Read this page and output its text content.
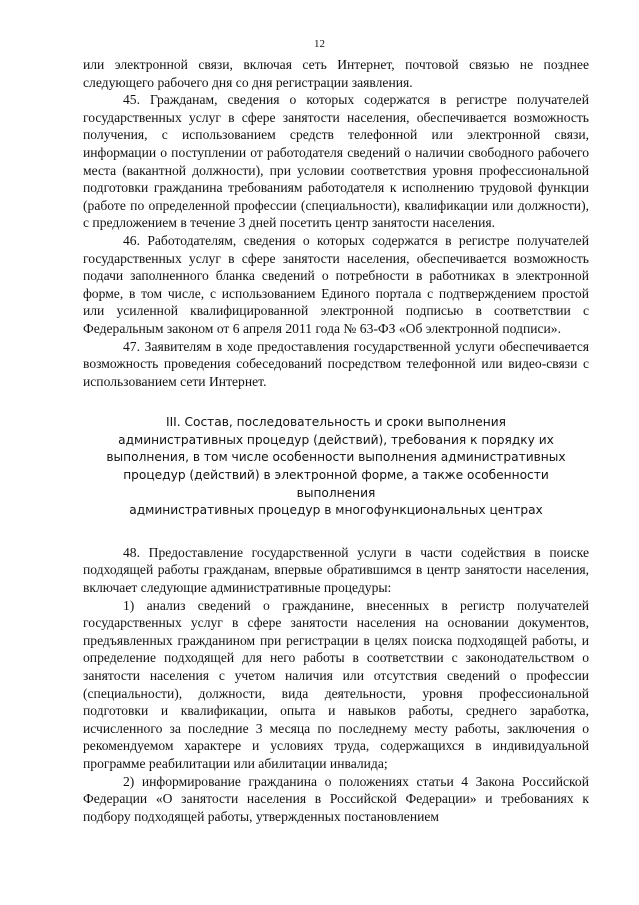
12

или электронной связи, включая сеть Интернет, почтовой связью не позднее следующего рабочего дня со дня регистрации заявления.

45. Гражданам, сведения о которых содержатся в регистре получателей государственных услуг в сфере занятости населения, обеспечивается возможность получения, с использованием средств телефонной или электронной связи, информации о поступлении от работодателя сведений о наличии свободного рабочего места (вакантной должности), при условии соответствия уровня профессиональной подготовки гражданина требованиям работодателя к исполнению трудовой функции (работе по определенной профессии (специальности), квалификации или должности), с предложением в течение 3 дней посетить центр занятости населения.

46. Работодателям, сведения о которых содержатся в регистре получателей государственных услуг в сфере занятости населения, обеспечивается возможность подачи заполненного бланка сведений о потребности в работниках в электронной форме, в том числе, с использованием Единого портала с подтверждением простой или усиленной квалифицированной электронной подписью в соответствии с Федеральным законом от 6 апреля 2011 года № 63-ФЗ «Об электронной подписи».

47. Заявителям в ходе предоставления государственной услуги обеспечивается возможность проведения собеседований посредством телефонной или видео-связи с использованием сети Интернет.

III. Состав, последовательность и сроки выполнения
административных процедур (действий), требования к порядку их
выполнения, в том числе особенности выполнения административных
процедур (действий) в электронной форме, а также особенности выполнения
административных процедур в многофункциональных центрах

48. Предоставление государственной услуги в части содействия в поиске подходящей работы гражданам, впервые обратившимся в центр занятости населения, включает следующие административные процедуры:

1) анализ сведений о гражданине, внесенных в регистр получателей государственных услуг в сфере занятости населения на основании документов, предъявленных гражданином при регистрации в целях поиска подходящей работы, и определение подходящей для него работы в соответствии с законодательством о занятости населения с учетом наличия или отсутствия сведений о профессии (специальности), должности, вида деятельности, уровня профессиональной подготовки и квалификации, опыта и навыков работы, среднего заработка, исчисленного за последние 3 месяца по последнему месту работы, заключения о рекомендуемом характере и условиях труда, содержащихся в индивидуальной программе реабилитации или абилитации инвалида;

2) информирование гражданина о положениях статьи 4 Закона Российской Федерации «О занятости населения в Российской Федерации» и требованиях к подбору подходящей работы, утвержденных постановлением
